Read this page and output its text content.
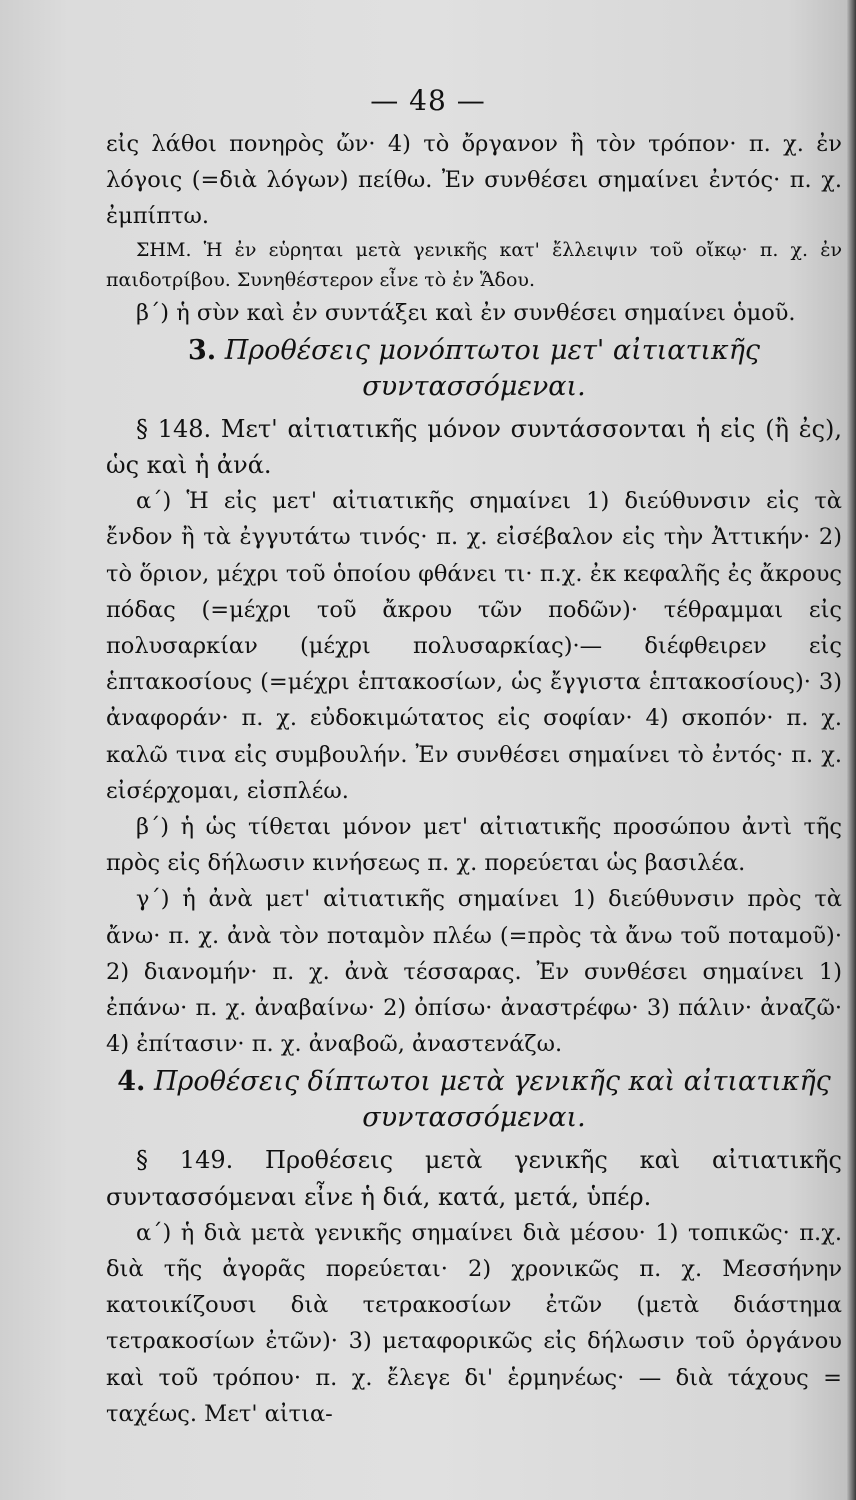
— 48 —

εἰς λάθοι πονηρὸς ὤν· 4) τὸ ὄργανον ἢ τὸν τρόπον· π. χ. ἐν λόγοις (=διὰ λόγων) πείθω. Ἐν συνθέσει σημαίνει ἐντός· π. χ. ἐμπίπτω.

ΣΗΜ. Ἡ ἐν εὑρηται μετὰ γενικῆς κατ' ἔλλειψιν τοῦ οἴκῳ· π. χ. ἐν παιδοτρίβου. Συνηθέστερον εἶνε τὸ ἐν Ἅδου.

β΄) ἡ σὺν καὶ ἐν συντάξει καὶ ἐν συνθέσει σημαίνει ὁμοῦ.

3. Προθέσεις μονόπτωτοι μετ' αἰτιατικῆς
συντασσόμεναι.

§ 148. Μετ' αἰτιατικῆς μόνον συντάσσονται ἡ εἰς (ἢ ἐς), ὡς καὶ ἡ ἀνά.

α΄) Ἡ εἰς μετ' αἰτιατικῆς σημαίνει 1) διεύθυνσιν εἰς τὰ ἔνδον ἢ τὰ ἐγγυτάτω τινός· π. χ. εἰσέβαλον εἰς τὴν Ἀττικήν· 2) τὸ ὅριον, μέχρι τοῦ ὁποίου φθάνει τι· π.χ. ἐκ κεφαλῆς ἐς ἄκρους πόδας (=μέχρι τοῦ ἄκρου τῶν ποδῶν)· τέθραμμαι εἰς πολυσαρκίαν (μέχρι πολυσαρκίας)·— διέφθειρεν εἰς ἑπτακοσίους (=μέχρι ἑπτακοσίων, ὡς ἔγγιστα ἑπτακοσίους)· 3) ἀναφοράν· π. χ. εὐδοκιμώτατος εἰς σοφίαν· 4) σκοπόν· π. χ. καλῶ τινα εἰς συμβουλήν. Ἐν συνθέσει σημαίνει τὸ ἐντός· π. χ. εἰσέρχομαι, εἰσπλέω.

β΄) ἡ ὡς τίθεται μόνον μετ' αἰτιατικῆς προσώπου ἀντὶ τῆς πρὸς εἰς δήλωσιν κινήσεως π. χ. πορεύεται ὡς βασιλέα.

γ΄) ἡ ἀνὰ μετ' αἰτιατικῆς σημαίνει 1) διεύθυνσιν πρὸς τὰ ἄνω· π. χ. ἀνὰ τὸν ποταμὸν πλέω (=πρὸς τὰ ἄνω τοῦ ποταμοῦ)· 2) διανομήν· π. χ. ἀνὰ τέσσαρας. Ἐν συνθέσει σημαίνει 1) ἐπάνω· π. χ. ἀναβαίνω· 2) ὀπίσω· ἀναστρέφω· 3) πάλιν· ἀναζῶ· 4) ἐπίτασιν· π. χ. ἀναβοῶ, ἀναστενάζω.

4. Προθέσεις δίπτωτοι μετὰ γενικῆς καὶ αἰτιατικῆς
συντασσόμεναι.

§ 149. Προθέσεις μετὰ γενικῆς καὶ αἰτιατικῆς συντασσόμεναι εἶνε ἡ διά, κατά, μετά, ὑπέρ.

α΄) ἡ διὰ μετὰ γενικῆς σημαίνει διὰ μέσου· 1) τοπικῶς· π.χ. διὰ τῆς ἀγορᾶς πορεύεται· 2) χρονικῶς π. χ. Μεσσήνην κατοικίζουσι διὰ τετρακοσίων ἐτῶν (μετὰ διάστημα τετρακοσίων ἐτῶν)· 3) μεταφορικῶς εἰς δήλωσιν τοῦ ὀργάνου καὶ τοῦ τρόπου· π. χ. ἔλεγε δι' ἑρμηνέως· — διὰ τάχους = ταχέως. Μετ' αἰτια-
